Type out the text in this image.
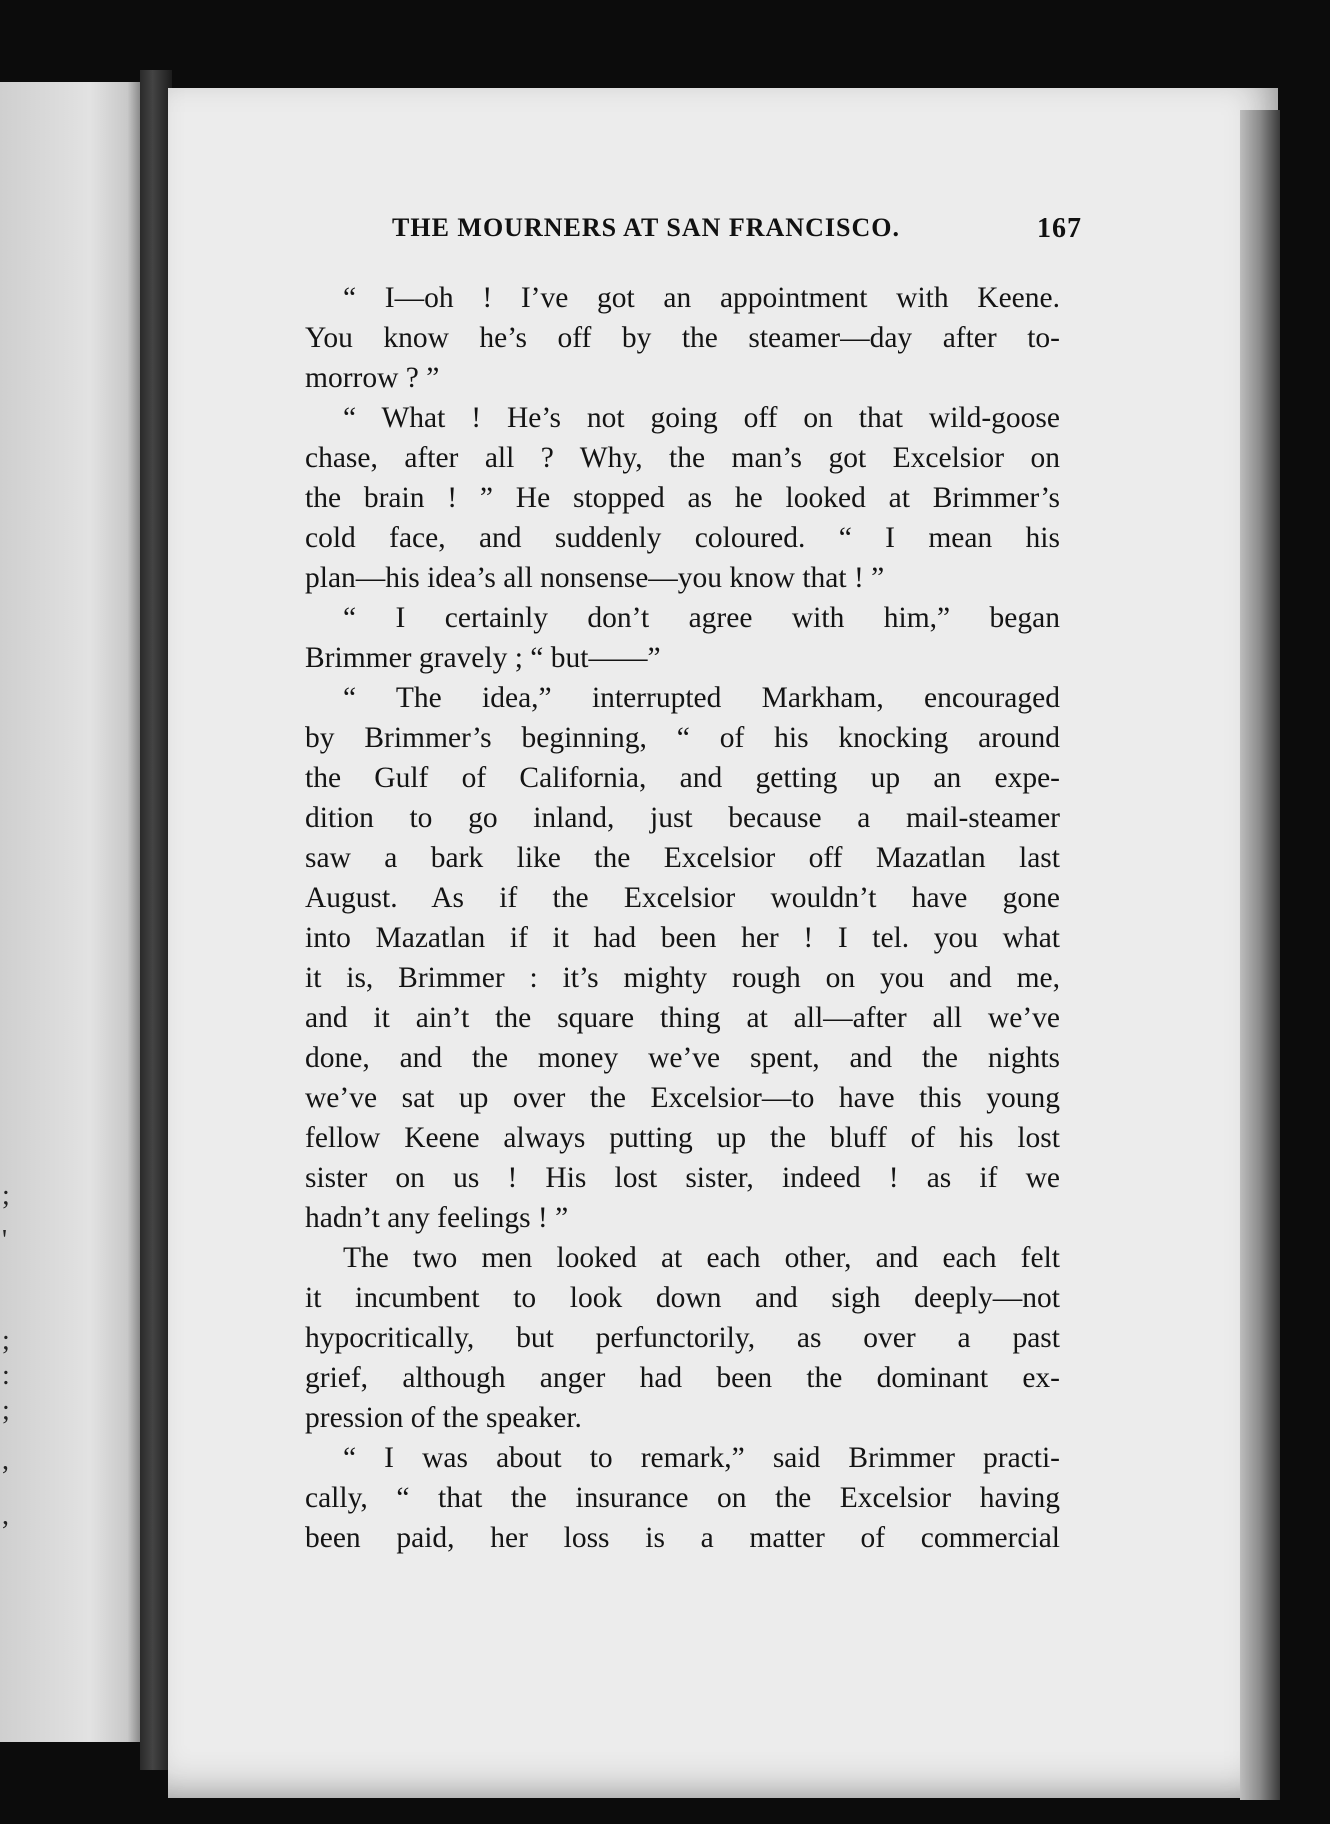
;
'
;
:
;
,
,
THE MOURNERS AT SAN FRANCISCO.	167
“ I—oh ! I’ve got an appointment with Keene.
You know he’s off by the steamer—day after to-
morrow ? ”
“ What ! He’s not going off on that wild-goose
chase, after all ? Why, the man’s got Excelsior on
the brain ! ” He stopped as he looked at Brimmer’s
cold face, and suddenly coloured. “ I mean his
plan—his idea’s all nonsense—you know that ! ”
“ I certainly don’t agree with him,” began
Brimmer gravely ; “ but——”
“ The idea,” interrupted Markham, encouraged
by Brimmer’s beginning, “ of his knocking around
the Gulf of California, and getting up an expe-
dition to go inland, just because a mail-steamer
saw a bark like the Excelsior off Mazatlan last
August. As if the Excelsior wouldn’t have gone
into Mazatlan if it had been her ! I tel. you what
it is, Brimmer : it’s mighty rough on you and me,
and it ain’t the square thing at all—after all we’ve
done, and the money we’ve spent, and the nights
we’ve sat up over the Excelsior—to have this young
fellow Keene always putting up the bluff of his lost
sister on us ! His lost sister, indeed ! as if we
hadn’t any feelings ! ”
The two men looked at each other, and each felt
it incumbent to look down and sigh deeply—not
hypocritically, but perfunctorily, as over a past
grief, although anger had been the dominant ex-
pression of the speaker.
“ I was about to remark,” said Brimmer practi-
cally, “ that the insurance on the Excelsior having
been paid, her loss is a matter of commercial
